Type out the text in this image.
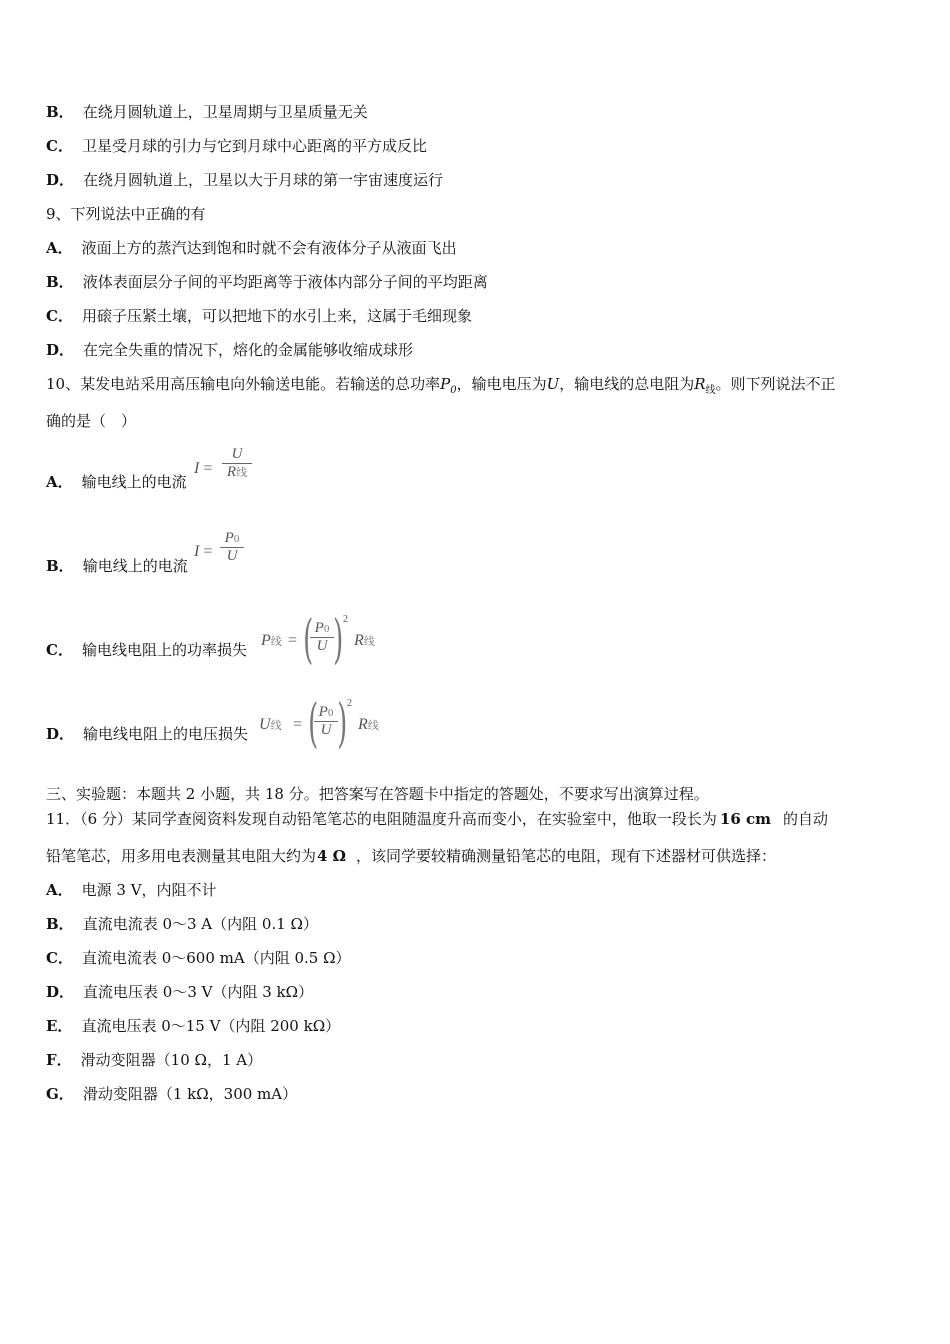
B． 在绕月圆轨道上，卫星周期与卫星质量无关
C． 卫星受月球的引力与它到月球中心距离的平方成反比
D． 在绕月圆轨道上，卫星以大于月球的第一宇宙速度运行
9、下列说法中正确的有
A． 液面上方的蒸汽达到饱和时就不会有液体分子从液面飞出
B． 液体表面层分子间的平均距离等于液体内部分子间的平均距离
C． 用磙子压紧土壤，可以把地下的水引上来，这属于毛细现象
D． 在完全失重的情况下，熔化的金属能够收缩成球形
10、某发电站采用高压输电向外输送电能。若输送的总功率$P_0$，输电电压为U，输电线的总电阻为$R_线$。则下列说法不正
确的是（　）
A． 输电线上的电流
I =
U
R线
B． 输电线上的电流
I =
P0
U
C． 输电线电阻上的功率损失
P线 = ( P0
U ) 2
R线
D． 输电线电阻上的电压损失
U线 = ( P0
U ) 2
R线
三、实验题：本题共 2 小题，共 18 分。把答案写在答题卡中指定的答题处，不要求写出演算过程。
11．（6 分）某同学查阅资料发现自动铅笔笔芯的电阻随温度升高而变小，在实验室中，他取一段长为 16 cm 的自动
铅笔笔芯，用多用电表测量其电阻大约为4 Ω ，该同学要较精确测量铅笔芯的电阻，现有下述器材可供选择：
A． 电源 3 V，内阻不计
B． 直流电流表 0～3 A（内阻 0.1 Ω）
C． 直流电流表 0～600 mA（内阻 0.5 Ω）
D． 直流电压表 0～3 V（内阻 3 kΩ）
E． 直流电压表 0～15 V（内阻 200 kΩ）
F． 滑动变阻器（10 Ω，1 A）
G． 滑动变阻器（1 kΩ，300 mA）
